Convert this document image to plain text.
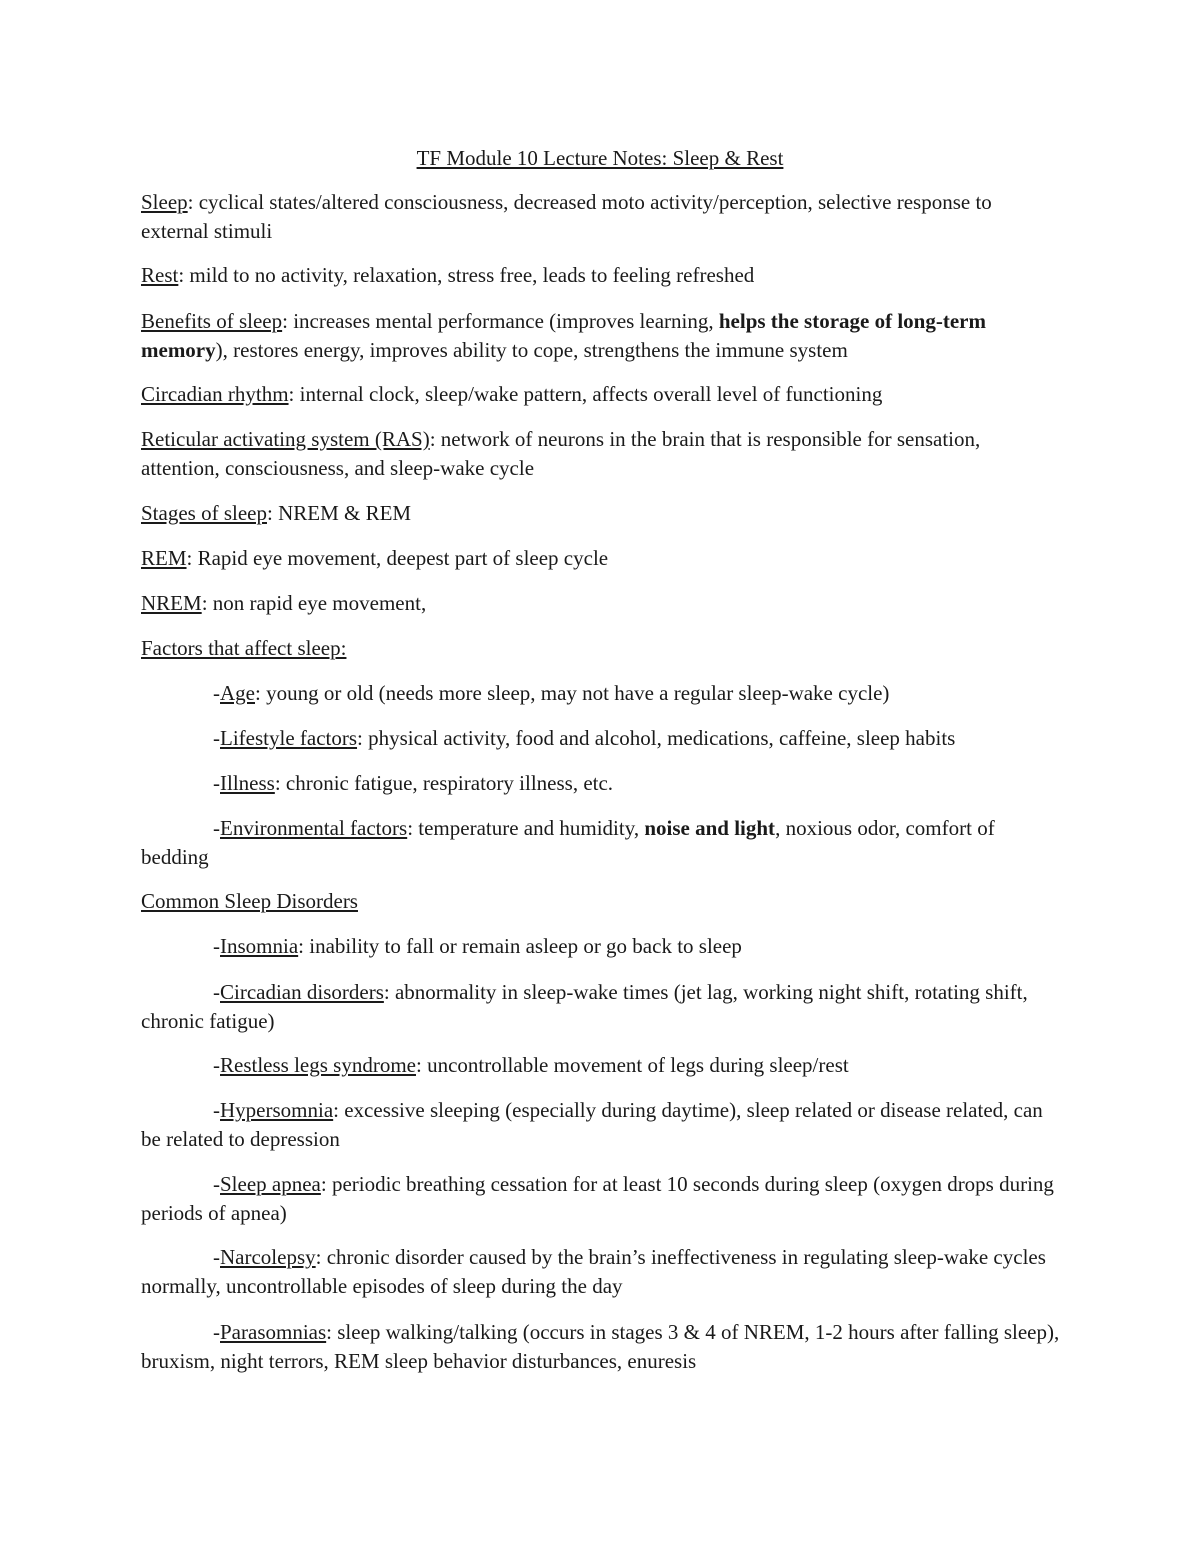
TF Module 10 Lecture Notes: Sleep & Rest

Sleep: cyclical states/altered consciousness, decreased moto activity/perception, selective response to external stimuli

Rest: mild to no activity, relaxation, stress free, leads to feeling refreshed

Benefits of sleep: increases mental performance (improves learning, helps the storage of long-term memory), restores energy, improves ability to cope, strengthens the immune system

Circadian rhythm: internal clock, sleep/wake pattern, affects overall level of functioning

Reticular activating system (RAS): network of neurons in the brain that is responsible for sensation, attention, consciousness, and sleep-wake cycle

Stages of sleep: NREM & REM

REM: Rapid eye movement, deepest part of sleep cycle

NREM: non rapid eye movement,

Factors that affect sleep:

-Age: young or old (needs more sleep, may not have a regular sleep-wake cycle)

-Lifestyle factors: physical activity, food and alcohol, medications, caffeine, sleep habits

-Illness: chronic fatigue, respiratory illness, etc.

-Environmental factors: temperature and humidity, noise and light, noxious odor, comfort of bedding

Common Sleep Disorders

-Insomnia: inability to fall or remain asleep or go back to sleep

-Circadian disorders: abnormality in sleep-wake times (jet lag, working night shift, rotating shift, chronic fatigue)

-Restless legs syndrome: uncontrollable movement of legs during sleep/rest

-Hypersomnia: excessive sleeping (especially during daytime), sleep related or disease related, can be related to depression

-Sleep apnea: periodic breathing cessation for at least 10 seconds during sleep (oxygen drops during periods of apnea)

-Narcolepsy: chronic disorder caused by the brain’s ineffectiveness in regulating sleep-wake cycles normally, uncontrollable episodes of sleep during the day

-Parasomnias: sleep walking/talking (occurs in stages 3 & 4 of NREM, 1-2 hours after falling sleep), bruxism, night terrors, REM sleep behavior disturbances, enuresis
